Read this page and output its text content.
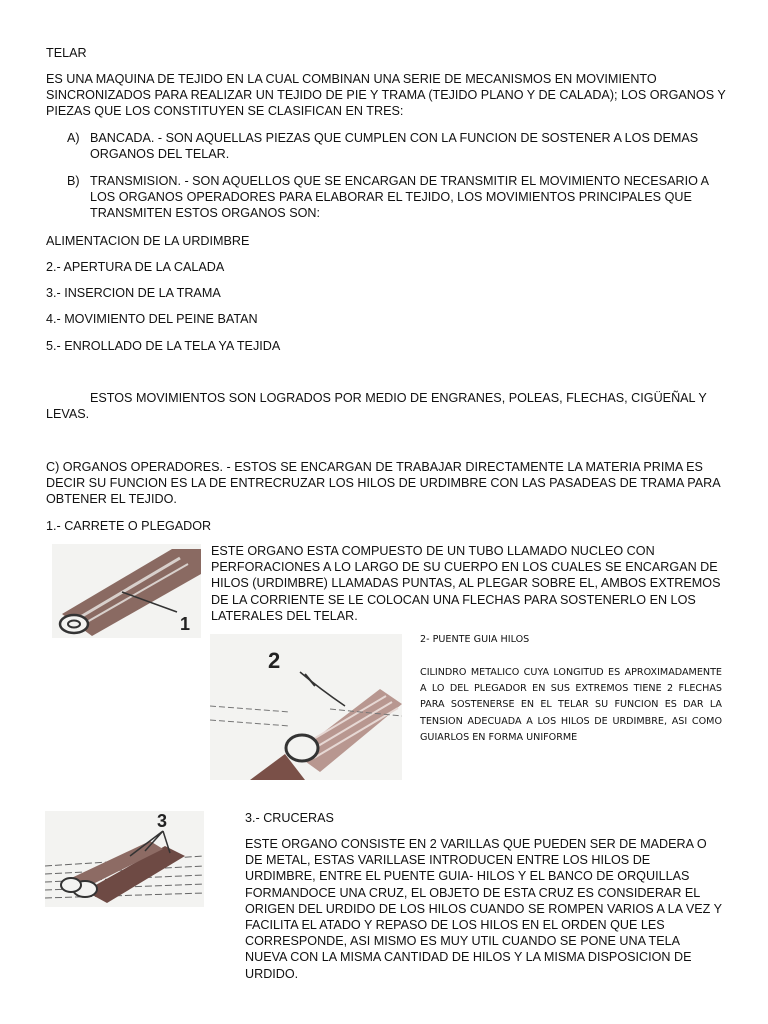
TELAR

ES UNA MAQUINA DE TEJIDO EN LA CUAL COMBINAN UNA SERIE DE MECANISMOS EN MOVIMIENTO SINCRONIZADOS PARA REALIZAR UN TEJIDO DE PIE Y TRAMA (TEJIDO PLANO Y DE CALADA); LOS ORGANOS Y PIEZAS QUE LOS CONSTITUYEN SE CLASIFICAN EN TRES:

A) BANCADA. - SON AQUELLAS PIEZAS QUE CUMPLEN CON LA FUNCION DE SOSTENER A LOS DEMAS ORGANOS DEL TELAR.

B) TRANSMISION. - SON AQUELLOS QUE SE ENCARGAN DE TRANSMITIR EL MOVIMIENTO NECESARIO A LOS ORGANOS OPERADORES PARA ELABORAR EL TEJIDO, LOS MOVIMIENTOS PRINCIPALES QUE TRANSMITEN ESTOS ORGANOS SON:

ALIMENTACION DE LA URDIMBRE

2.- APERTURA DE LA CALADA

3.- INSERCION DE LA TRAMA

4.- MOVIMIENTO DEL PEINE BATAN

5.- ENROLLADO DE LA TELA YA TEJIDA

ESTOS MOVIMIENTOS SON LOGRADOS POR MEDIO DE ENGRANES, POLEAS, FLECHAS, CIGÜEÑAL Y LEVAS.

C) ORGANOS OPERADORES. - ESTOS SE ENCARGAN DE TRABAJAR DIRECTAMENTE LA MATERIA PRIMA ES DECIR SU FUNCION ES LA DE ENTRECRUZAR LOS HILOS DE URDIMBRE CON LAS PASADEAS DE TRAMA PARA OBTENER EL TEJIDO.

1.- CARRETE O PLEGADOR

1

ESTE ORGANO ESTA COMPUESTO DE UN TUBO LLAMADO NUCLEO CON PERFORACIONES A LO LARGO DE SU CUERPO EN LOS CUALES SE ENCARGAN DE HILOS (URDIMBRE) LLAMADAS PUNTAS, AL PLEGAR SOBRE EL, AMBOS EXTREMOS DE LA CORRIENTE SE LE COLOCAN UNA FLECHAS PARA SOSTENERLO EN LOS LATERALES DEL TELAR.

2

2- PUENTE GUIA HILOS

CILINDRO METALICO CUYA LONGITUD ES APROXIMADAMENTE A LO DEL PLEGADOR EN SUS EXTREMOS TIENE 2 FLECHAS PARA SOSTENERSE EN EL TELAR SU FUNCION ES DAR LA TENSION ADECUADA A LOS HILOS DE URDIMBRE, ASI COMO GUIARLOS EN FORMA UNIFORME

3	3.- CRUCERAS

ESTE ORGANO CONSISTE EN 2 VARILLAS QUE PUEDEN SER DE MADERA O DE METAL, ESTAS VARILLASE INTRODUCEN ENTRE LOS HILOS DE URDIMBRE, ENTRE EL PUENTE GUIA- HILOS Y EL BANCO DE ORQUILLAS FORMANDOCE UNA CRUZ, EL OBJETO DE ESTA CRUZ ES CONSIDERAR EL ORIGEN DEL URDIDO DE LOS HILOS CUANDO SE ROMPEN VARIOS A LA VEZ Y FACILITA EL ATADO Y REPASO DE LOS HILOS EN EL ORDEN QUE LES CORRESPONDE, ASI MISMO ES MUY UTIL CUANDO SE PONE UNA TELA NUEVA CON LA MISMA CANTIDAD DE HILOS Y LA MISMA DISPOSICION DE URDIDO.
